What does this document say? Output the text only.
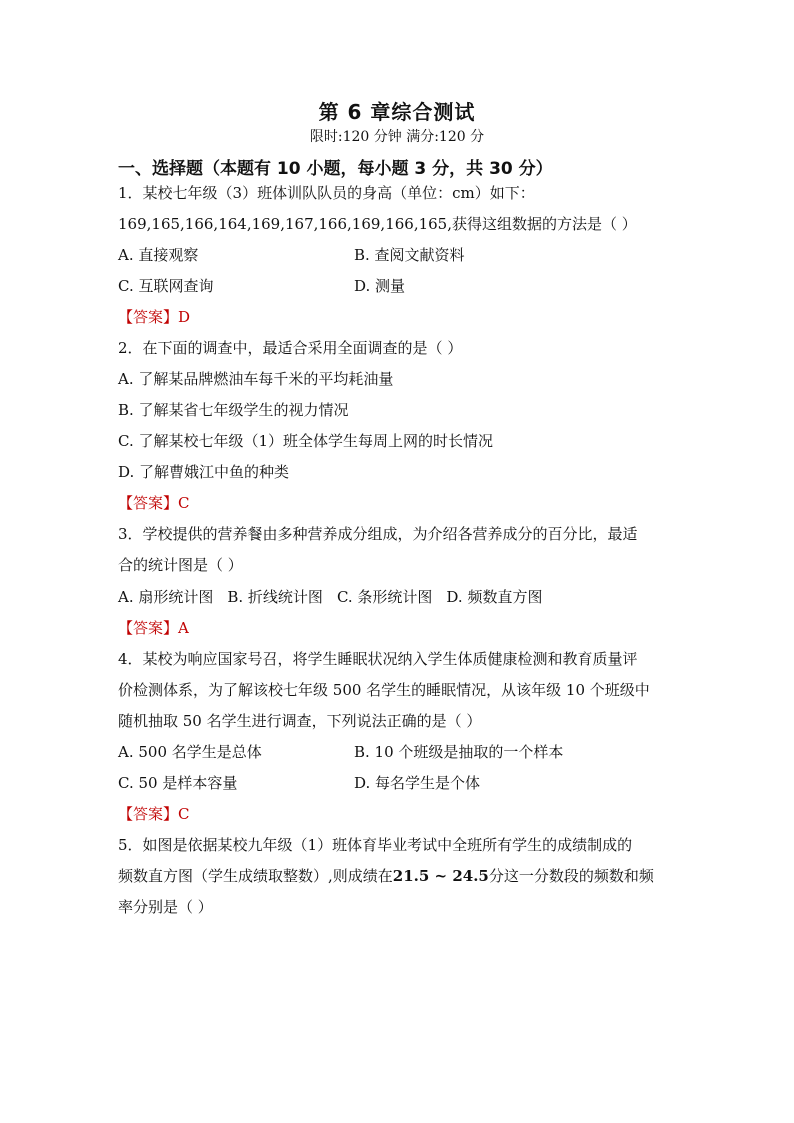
第 6 章综合测试
限时:120 分钟 满分:120 分
一、选择题（本题有 10 小题，每小题 3 分，共 30 分）
1．某校七年级（3）班体训队队员的身高（单位：cm）如下：
169,165,166,164,169,167,166,169,166,165,获得这组数据的方法是（ ）
A. 直接观察	B. 查阅文献资料
C. 互联网查询	D. 测量
【答案】D
2．在下面的调查中，最适合采用全面调查的是（ ）
A. 了解某品牌燃油车每千米的平均耗油量
B. 了解某省七年级学生的视力情况
C. 了解某校七年级（1）班全体学生每周上网的时长情况
D. 了解曹娥江中鱼的种类
【答案】C
3．学校提供的营养餐由多种营养成分组成，为介绍各营养成分的百分比，最适
合的统计图是（ ）
A. 扇形统计图 B. 折线统计图 C. 条形统计图 D. 频数直方图
【答案】A
4．某校为响应国家号召，将学生睡眠状况纳入学生体质健康检测和教育质量评
价检测体系，为了解该校七年级 500 名学生的睡眠情况，从该年级 10 个班级中
随机抽取 50 名学生进行调查，下列说法正确的是（ ）
A. 500 名学生是总体	B. 10 个班级是抽取的一个样本
C. 50 是样本容量	D. 每名学生是个体
【答案】C
5．如图是依据某校九年级（1）班体育毕业考试中全班所有学生的成绩制成的
频数直方图（学生成绩取整数）,则成绩在21.5 ~ 24.5分这一分数段的频数和频
率分别是（ ）
